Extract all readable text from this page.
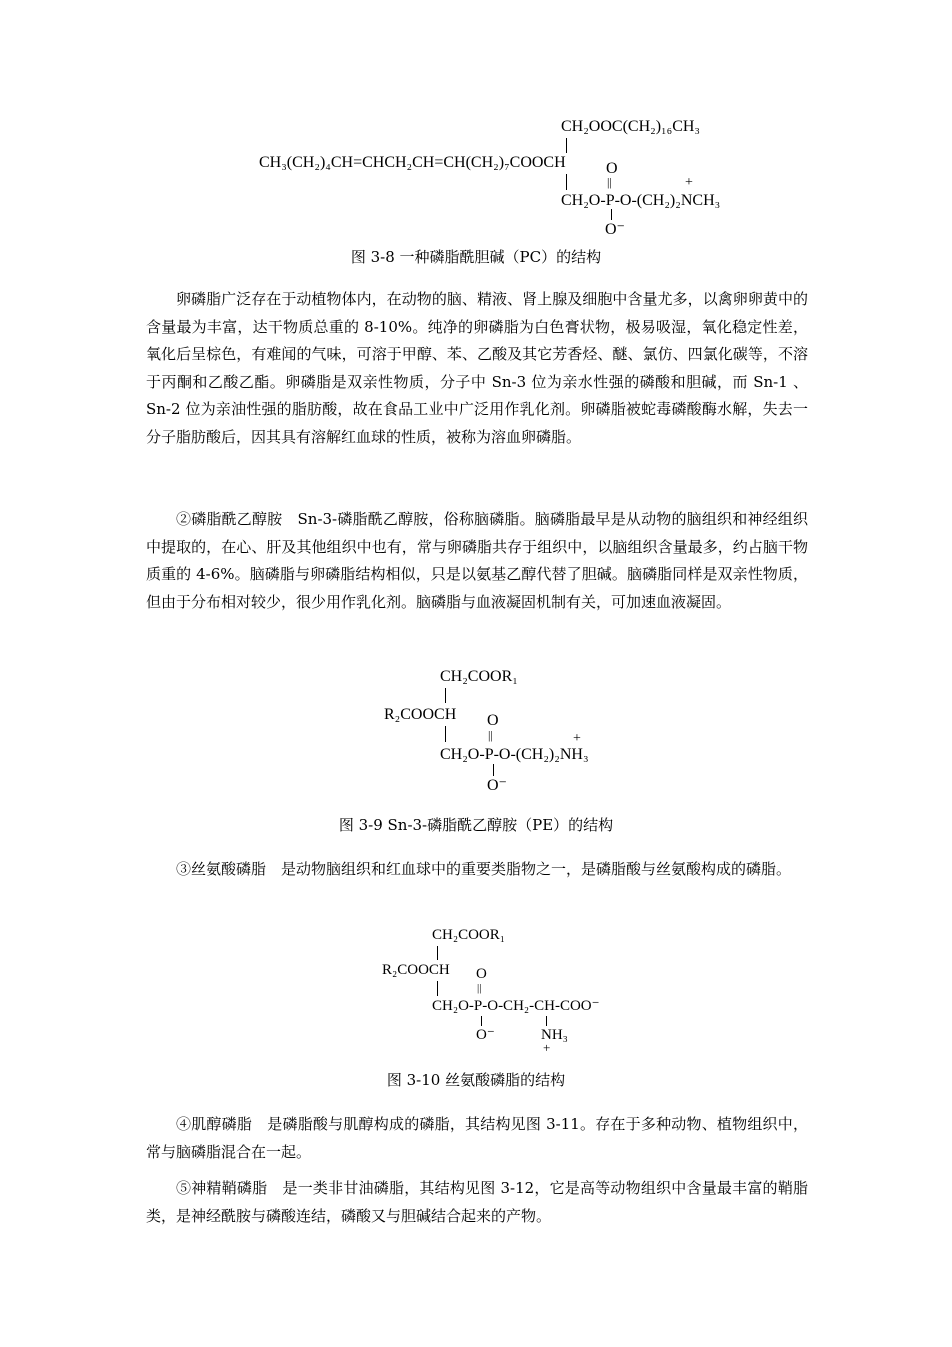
CH₂OOC(CH₂)₁₆CH₃
CH₃(CH₂)₄CH=CHCH₂CH=CH(CH₂)₇COOCH	O
||	+
CH₂O-P-O-(CH₂)₂NCH₃
O⁻
图 3-8 一种磷脂酰胆碱（PC）的结构

卵磷脂广泛存在于动植物体内，在动物的脑、精液、肾上腺及细胞中含量尤多，以禽卵卵黄中的含量最为丰富，达干物质总重的 8-10%。纯净的卵磷脂为白色膏状物，极易吸湿，氧化稳定性差，氧化后呈棕色，有难闻的气味，可溶于甲醇、苯、乙酸及其它芳香烃、醚、氯仿、四氯化碳等，不溶于丙酮和乙酸乙酯。卵磷脂是双亲性物质，分子中 Sn-3 位为亲水性强的磷酸和胆碱，而 Sn-1 、Sn-2 位为亲油性强的脂肪酸，故在食品工业中广泛用作乳化剂。卵磷脂被蛇毒磷酸酶水解，失去一分子脂肪酸后，因其具有溶解红血球的性质，被称为溶血卵磷脂。

②磷脂酰乙醇胺　Sn-3-磷脂酰乙醇胺，俗称脑磷脂。脑磷脂最早是从动物的脑组织和神经组织中提取的，在心、肝及其他组织中也有，常与卵磷脂共存于组织中，以脑组织含量最多，约占脑干物质重的 4-6%。脑磷脂与卵磷脂结构相似，只是以氨基乙醇代替了胆碱。脑磷脂同样是双亲性物质，但由于分布相对较少，很少用作乳化剂。脑磷脂与血液凝固机制有关，可加速血液凝固。

CH₂COOR₁
R₂COOCH O
||	+
CH₂O-P-O-(CH₂)₂NH₃
O⁻
图 3-9 Sn-3-磷脂酰乙醇胺（PE）的结构

③丝氨酸磷脂　是动物脑组织和红血球中的重要类脂物之一，是磷脂酸与丝氨酸构成的磷脂。

CH₂COOR₁
R₂COOCH O
||
CH₂O-P-O-CH₂-CH-COO⁻
O⁻	NH₃
+
图 3-10 丝氨酸磷脂的结构

④肌醇磷脂　是磷脂酸与肌醇构成的磷脂，其结构见图 3-11。存在于多种动物、植物组织中，常与脑磷脂混合在一起。

⑤神精鞘磷脂　是一类非甘油磷脂，其结构见图 3-12，它是高等动物组织中含量最丰富的鞘脂类，是神经酰胺与磷酸连结，磷酸又与胆碱结合起来的产物。
